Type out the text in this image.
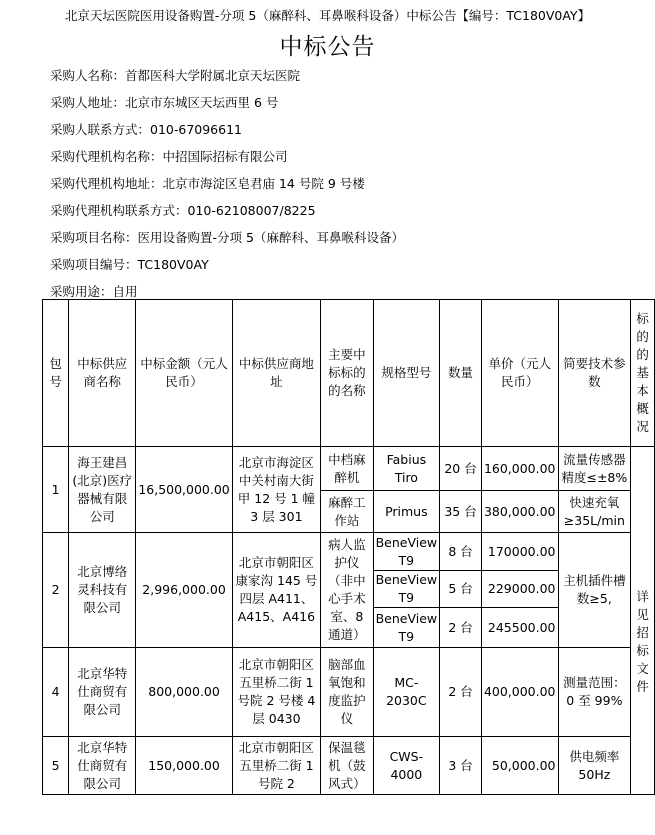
北京天坛医院医用设备购置-分项 5（麻醉科、耳鼻喉科设备）中标公告【编号：TC180V0AY】
中标公告
采购人名称：首都医科大学附属北京天坛医院
采购人地址：北京市东城区天坛西里 6 号
采购人联系方式：010-67096611
采购代理机构名称：中招国际招标有限公司
采购代理机构地址：北京市海淀区皂君庙 14 号院 9 号楼
采购代理机构联系方式：010-62108007/8225
采购项目名称：医用设备购置-分项 5（麻醉科、耳鼻喉科设备）
采购项目编号：TC180V0AY
采购用途：自用
包号	中标供应商名称	中标金额（元人民币）	中标供应商地址	主要中标标的的名称	规格型号	数量	单价（元人民币）	简要技术参数	标的的基本概况

1	海王建昌(北京)医疗器械有限公司	16,500,000.00	北京市海淀区中关村南大街甲 12 号 1 幢 3 层 301	中档麻醉机	Fabius Tiro	20 台	160,000.00	流量传感器精度≤±8%	
				麻醉工作站	Primus	35 台	380,000.00	快速充氧≥35L/min	详见招标文件
2	北京博络灵科技有限公司	2,996,000.00	北京市朝阳区康家沟 145 号四层 A411、A415、A416	病人监护仪（非中心手术室、8 通道）	BeneView T9	8 台	170000.00	主机插件槽数≥5,	
					BeneView T9	5 台	229000.00		
					BeneView T9	2 台	245500.00		
4	北京华特仕商贸有限公司	800,000.00	北京市朝阳区五里桥二街 1 号院 2 号楼 4 层 0430	脑部血氧饱和度监护仪	MC-2030C	2 台	400,000.00	测量范围：0 至 99%	
5	北京华特仕商贸有限公司	150,000.00	北京市朝阳区五里桥二街 1 号院 2	保温毯机（鼓风式）	CWS-4000	3 台	50,000.00	供电频率 50Hz	
